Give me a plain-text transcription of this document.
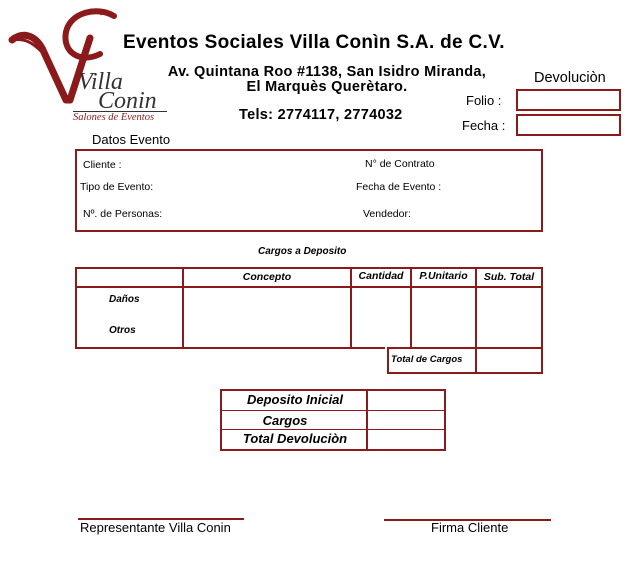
Villa
Conin
Salones de Eventos
Eventos Sociales Villa Conìn S.A. de C.V.
Av. Quintana Roo #1138, San Isidro Miranda,
El Marquès Querètaro.
Tels: 2774117, 2774032
Devoluciòn
Folio :
Fecha :
Datos Evento
Cliente :	N° de Contrato
Tipo de Evento:	Fecha de Evento :
Nº. de Personas:	Vendedor:
Cargos a Deposito
Concepto	Cantidad	P.Unitario	Sub. Total
Daños
Otros
Total de Cargos
Deposito Inicial
Cargos
Total Devoluciòn
Representante Villa Conin	Firma Cliente
